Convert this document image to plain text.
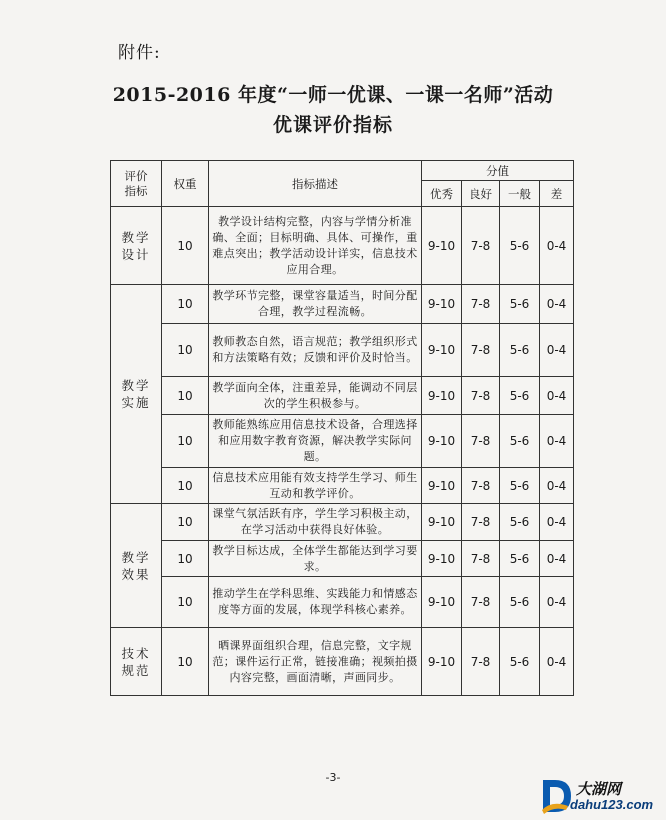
附件:
2015-2016 年度“一师一优课、一课一名师”活动
优课评价指标
评价指标	权重	指标描述	分值			
			优秀	良好	一般	差
教学设计	10	教学设计结构完整，内容与学情分析准确、全面；目标明确、具体、可操作，重难点突出；教学活动设计详实，信息技术应用合理。	9-10	7-8	5-6	0-4
教学实施	10	教学环节完整，课堂容量适当，时间分配合理，教学过程流畅。	9-10	7-8	5-6	0-4
	10	教师教态自然，语言规范；教学组织形式和方法策略有效；反馈和评价及时恰当。	9-10	7-8	5-6	0-4
	10	教学面向全体，注重差异，能调动不同层次的学生积极参与。	9-10	7-8	5-6	0-4
	10	教师能熟练应用信息技术设备，合理选择和应用数字教育资源，解决教学实际问题。	9-10	7-8	5-6	0-4
	10	信息技术应用能有效支持学生学习、师生互动和教学评价。	9-10	7-8	5-6	0-4
教学效果	10	课堂气氛活跃有序，学生学习积极主动，在学习活动中获得良好体验。	9-10	7-8	5-6	0-4
	10	教学目标达成，全体学生都能达到学习要求。	9-10	7-8	5-6	0-4
	10	推动学生在学科思维、实践能力和情感态度等方面的发展，体现学科核心素养。	9-10	7-8	5-6	0-4
技术规范	10	晒课界面组织合理，信息完整，文字规范；课件运行正常，链接准确；视频拍摄内容完整，画面清晰，声画同步。	9-10	7-8	5-6	0-4
-3-
大湖网
dahu123.com
